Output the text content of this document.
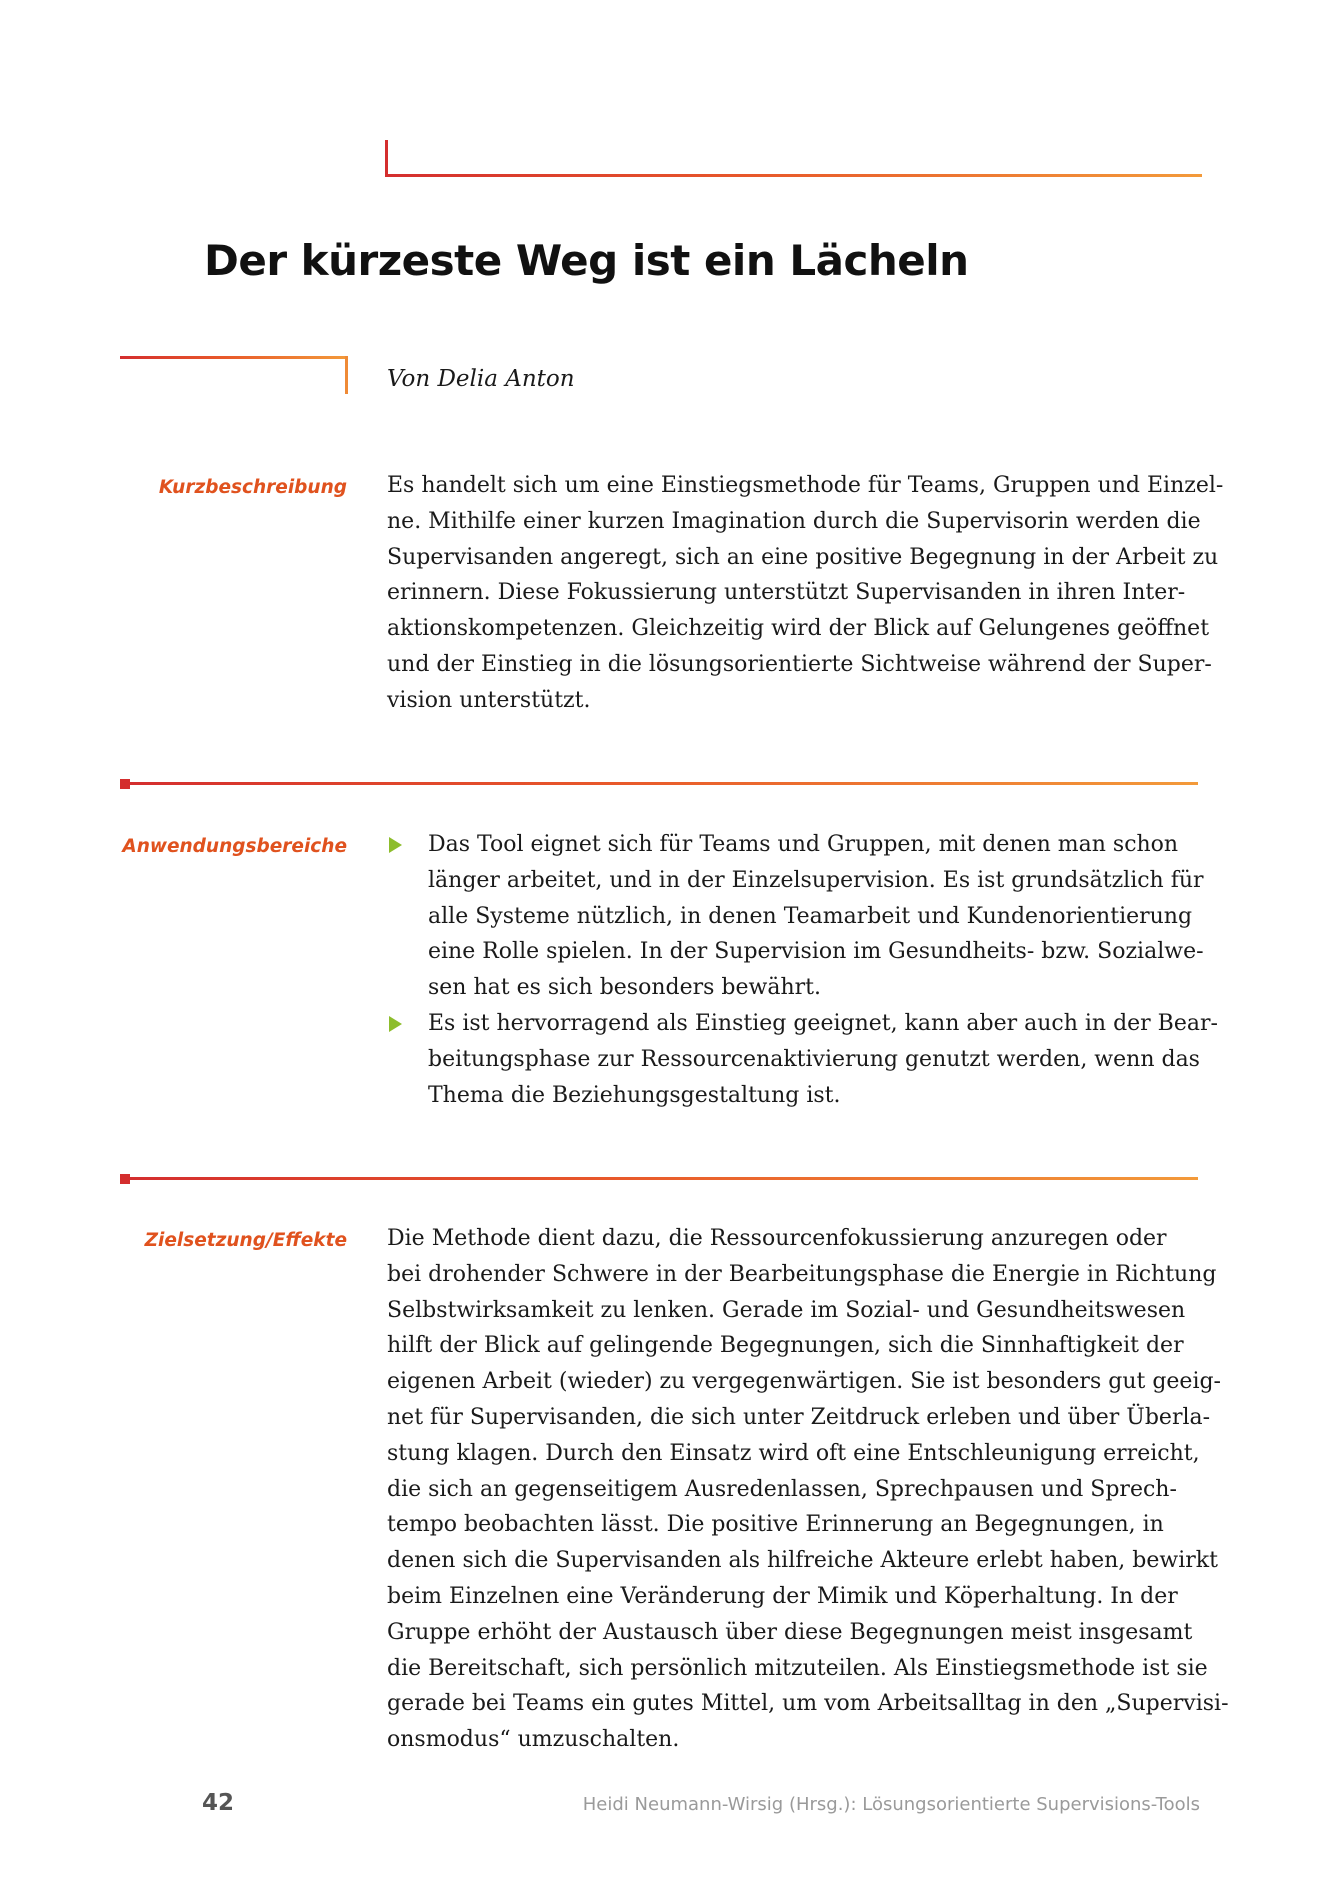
Der kürzeste Weg ist ein Lächeln
Von Delia Anton
Kurzbeschreibung Es handelt sich um eine Einstiegsmethode für Teams, Gruppen und Einzel-
ne. Mithilfe einer kurzen Imagination durch die Supervisorin werden die
Supervisanden angeregt, sich an eine positive Begegnung in der Arbeit zu
erinnern. Diese Fokussierung unterstützt Supervisanden in ihren Inter-
aktionskompetenzen. Gleichzeitig wird der Blick auf Gelungenes geöffnet
und der Einstieg in die lösungsorientierte Sichtweise während der Super-
vision unterstützt.

Anwendungsbereiche	Das Tool eignet sich für Teams und Gruppen, mit denen man schon
länger arbeitet, und in der Einzelsupervision. Es ist grundsätzlich für
alle Systeme nützlich, in denen Teamarbeit und Kundenorientierung
eine Rolle spielen. In der Supervision im Gesundheits- bzw. Sozialwe-
sen hat es sich besonders bewährt.
Es ist hervorragend als Einstieg geeignet, kann aber auch in der Bear-
beitungsphase zur Ressourcenaktivierung genutzt werden, wenn das
Thema die Beziehungsgestaltung ist.
Zielsetzung/Effekte Die Methode dient dazu, die Ressourcenfokussierung anzuregen oder
bei drohender Schwere in der Bearbeitungsphase die Energie in Richtung
Selbstwirksamkeit zu lenken. Gerade im Sozial- und Gesundheitswesen
hilft der Blick auf gelingende Begegnungen, sich die Sinnhaftigkeit der
eigenen Arbeit (wieder) zu vergegenwärtigen. Sie ist besonders gut geeig-
net für Supervisanden, die sich unter Zeitdruck erleben und über Überla-
stung klagen. Durch den Einsatz wird oft eine Entschleunigung erreicht,
die sich an gegenseitigem Ausredenlassen, Sprechpausen und Sprech-
tempo beobachten lässt. Die positive Erinnerung an Begegnungen, in
denen sich die Supervisanden als hilfreiche Akteure erlebt haben, bewirkt
beim Einzelnen eine Veränderung der Mimik und Köperhaltung. In der
Gruppe erhöht der Austausch über diese Begegnungen meist insgesamt
die Bereitschaft, sich persönlich mitzuteilen. Als Einstiegsmethode ist sie
gerade bei Teams ein gutes Mittel, um vom Arbeitsalltag in den „Supervisi-
onsmodus“ umzuschalten.

42	Heidi Neumann-Wirsig (Hrsg.): Lösungsorientierte Supervisions-Tools
